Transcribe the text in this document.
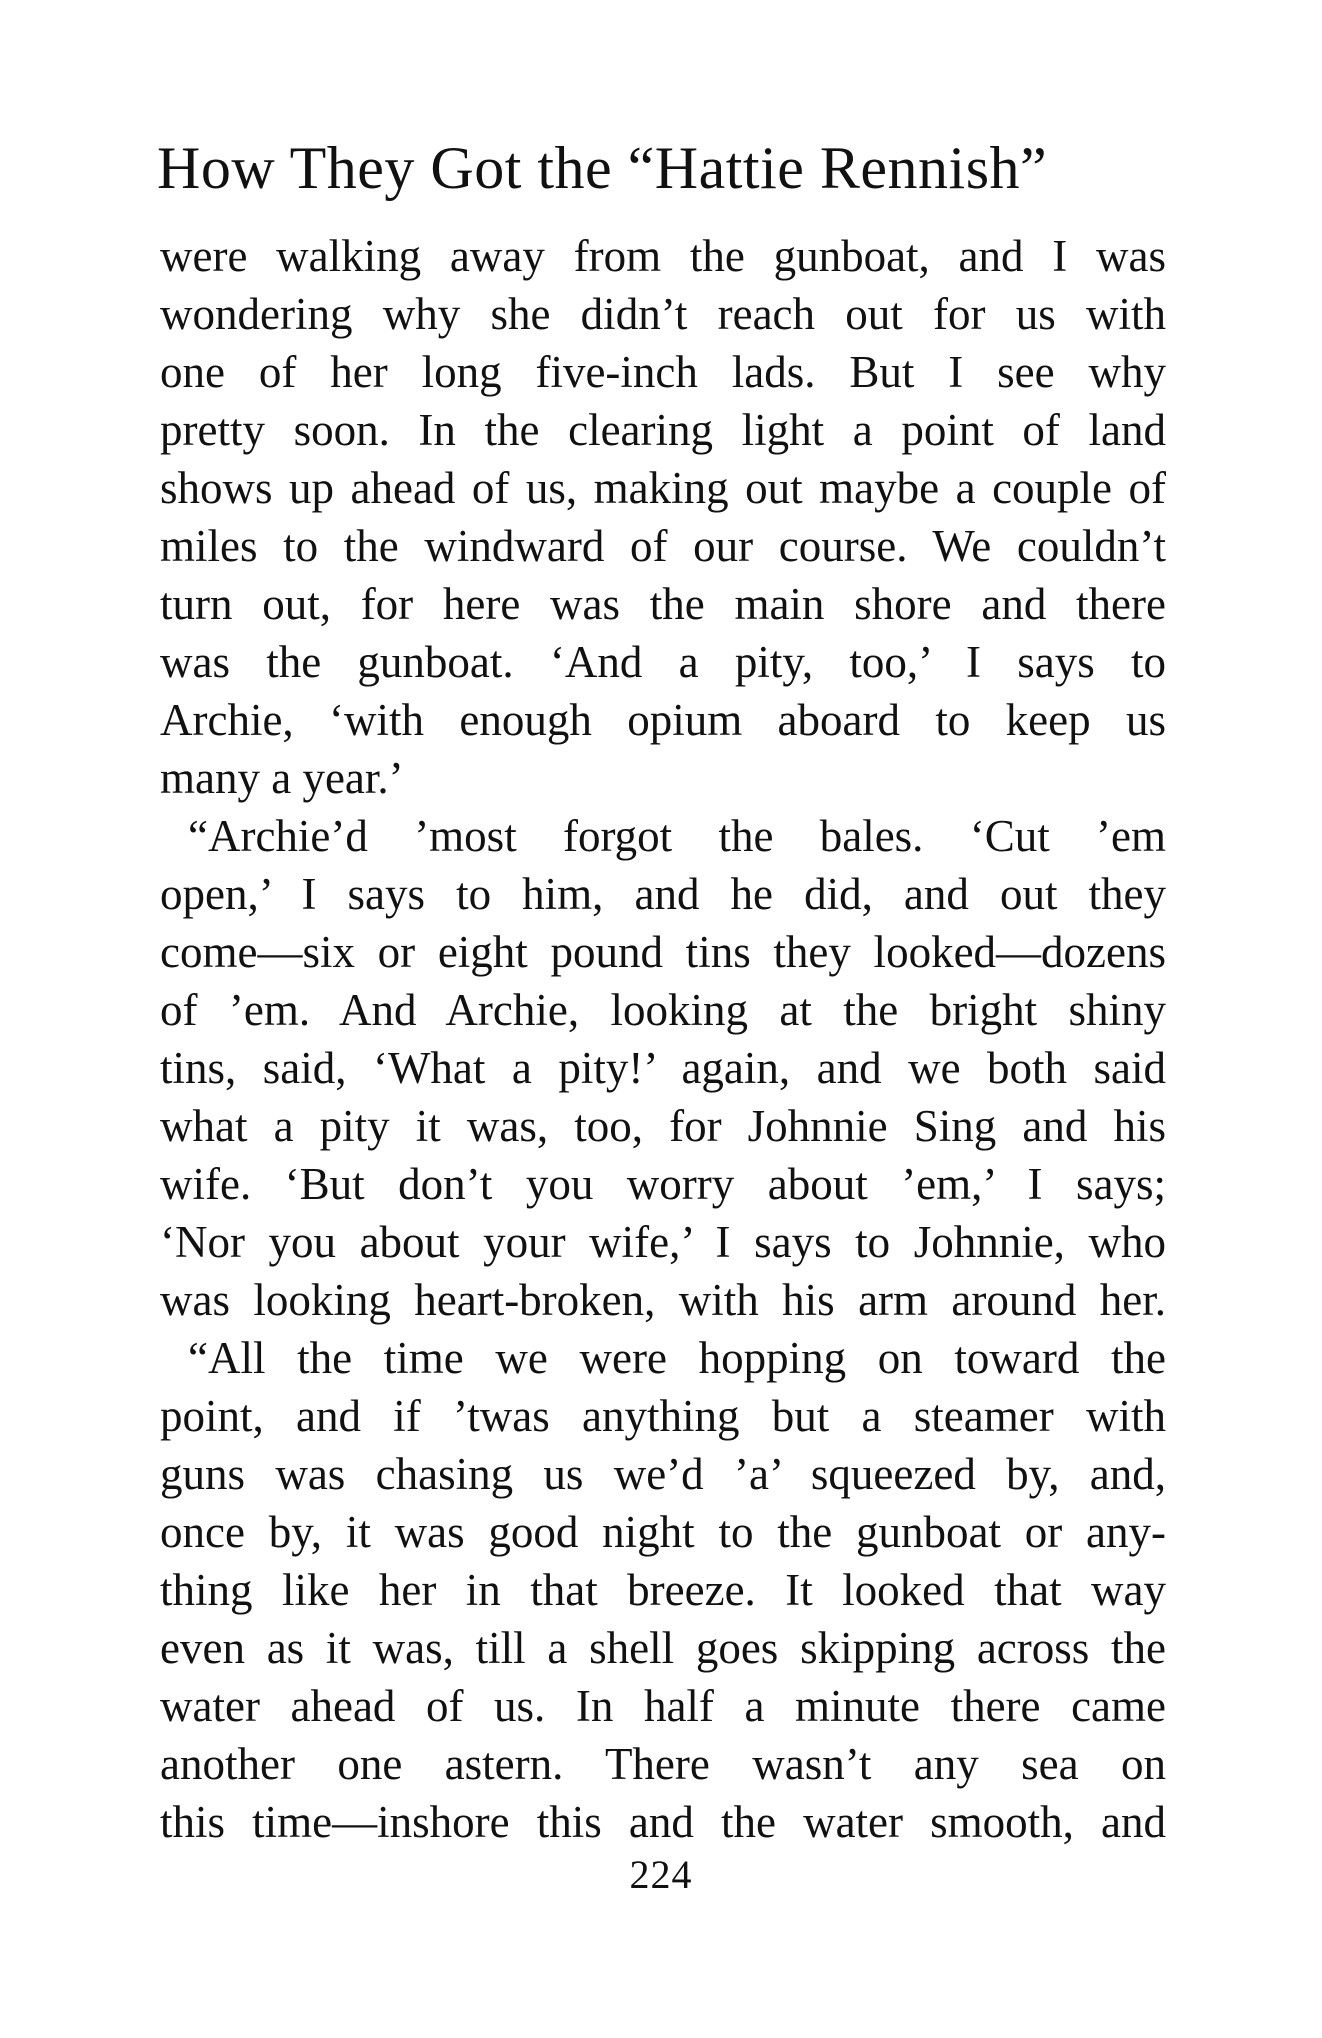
How They Got the “Hattie Rennish”
were walking away from the gunboat, and I was
wondering why she didn’t reach out for us with
one of her long five-inch lads. But I see why
pretty soon. In the clearing light a point of land
shows up ahead of us, making out maybe a couple of
miles to the windward of our course. We couldn’t
turn out, for here was the main shore and there
was the gunboat. ‘And a pity, too,’ I says to
Archie, ‘with enough opium aboard to keep us
many a year.’
“Archie’d ’most forgot the bales. ‘Cut ’em
open,’ I says to him, and he did, and out they
come—six or eight pound tins they looked—dozens
of ’em. And Archie, looking at the bright shiny
tins, said, ‘What a pity!’ again, and we both said
what a pity it was, too, for Johnnie Sing and his
wife. ‘But don’t you worry about ’em,’ I says;
‘Nor you about your wife,’ I says to Johnnie, who
was looking heart-broken, with his arm around her.
“All the time we were hopping on toward the
point, and if ’twas anything but a steamer with
guns was chasing us we’d ’a’ squeezed by, and,
once by, it was good night to the gunboat or any-
thing like her in that breeze. It looked that way
even as it was, till a shell goes skipping across the
water ahead of us. In half a minute there came
another one astern. There wasn’t any sea on
this time—inshore this and the water smooth, and
224
